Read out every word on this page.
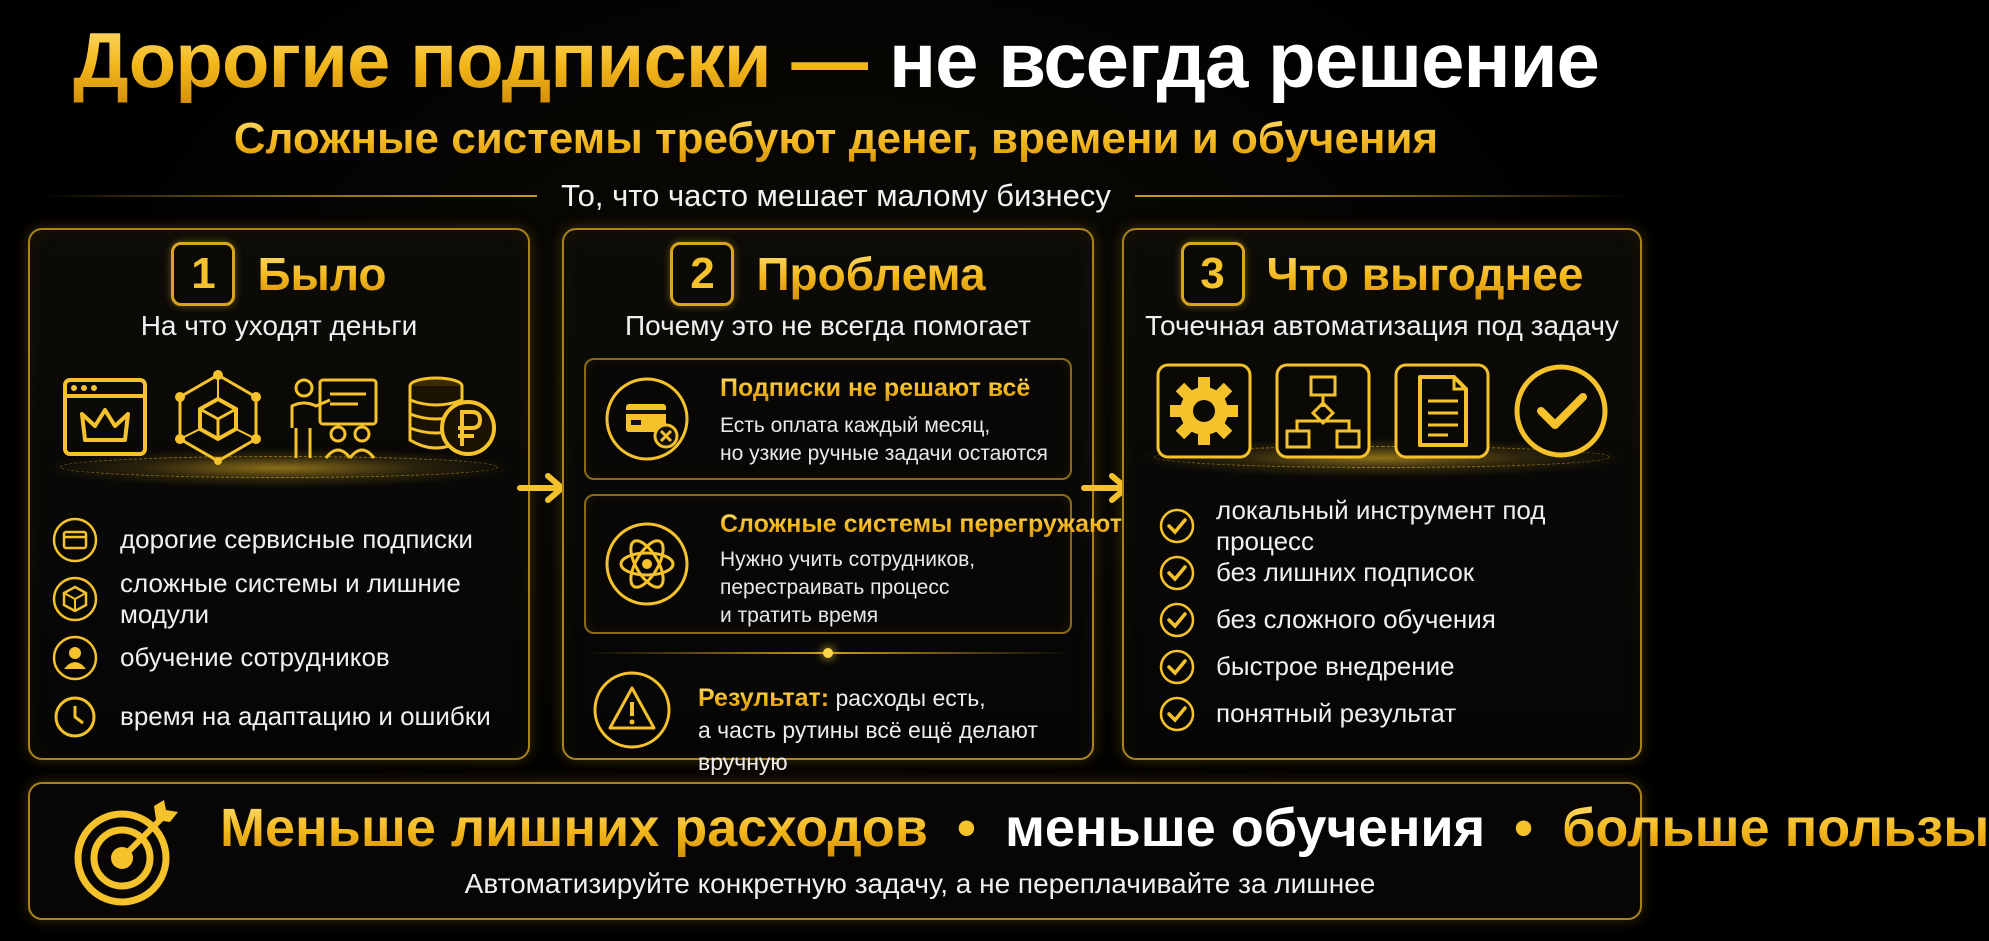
Дорогие подписки — не всегда решение
Сложные системы требуют денег, времени и обучения
То, что часто мешает малому бизнесу
1 Было
На что уходят деньги
дорогие сервисные подписки
сложные системы и лишние модули
обучение сотрудников
время на адаптацию и ошибки
2 Проблема
Почему это не всегда помогает
Подписки не решают всё
Есть оплата каждый месяц,
но узкие ручные задачи остаются
Сложные системы перегружают
Нужно учить сотрудников,
перестраивать процесс
и тратить время
Результат: расходы есть,
а часть рутины всё ещё делают вручную
3 Что выгоднее
Точечная автоматизация под задачу
локальный инструмент под процесс
без лишних подписок
без сложного обучения
быстрое внедрение
понятный результат
Меньше лишних расходов • меньше обучения • больше пользы
Автоматизируйте конкретную задачу, а не переплачивайте за лишнее
